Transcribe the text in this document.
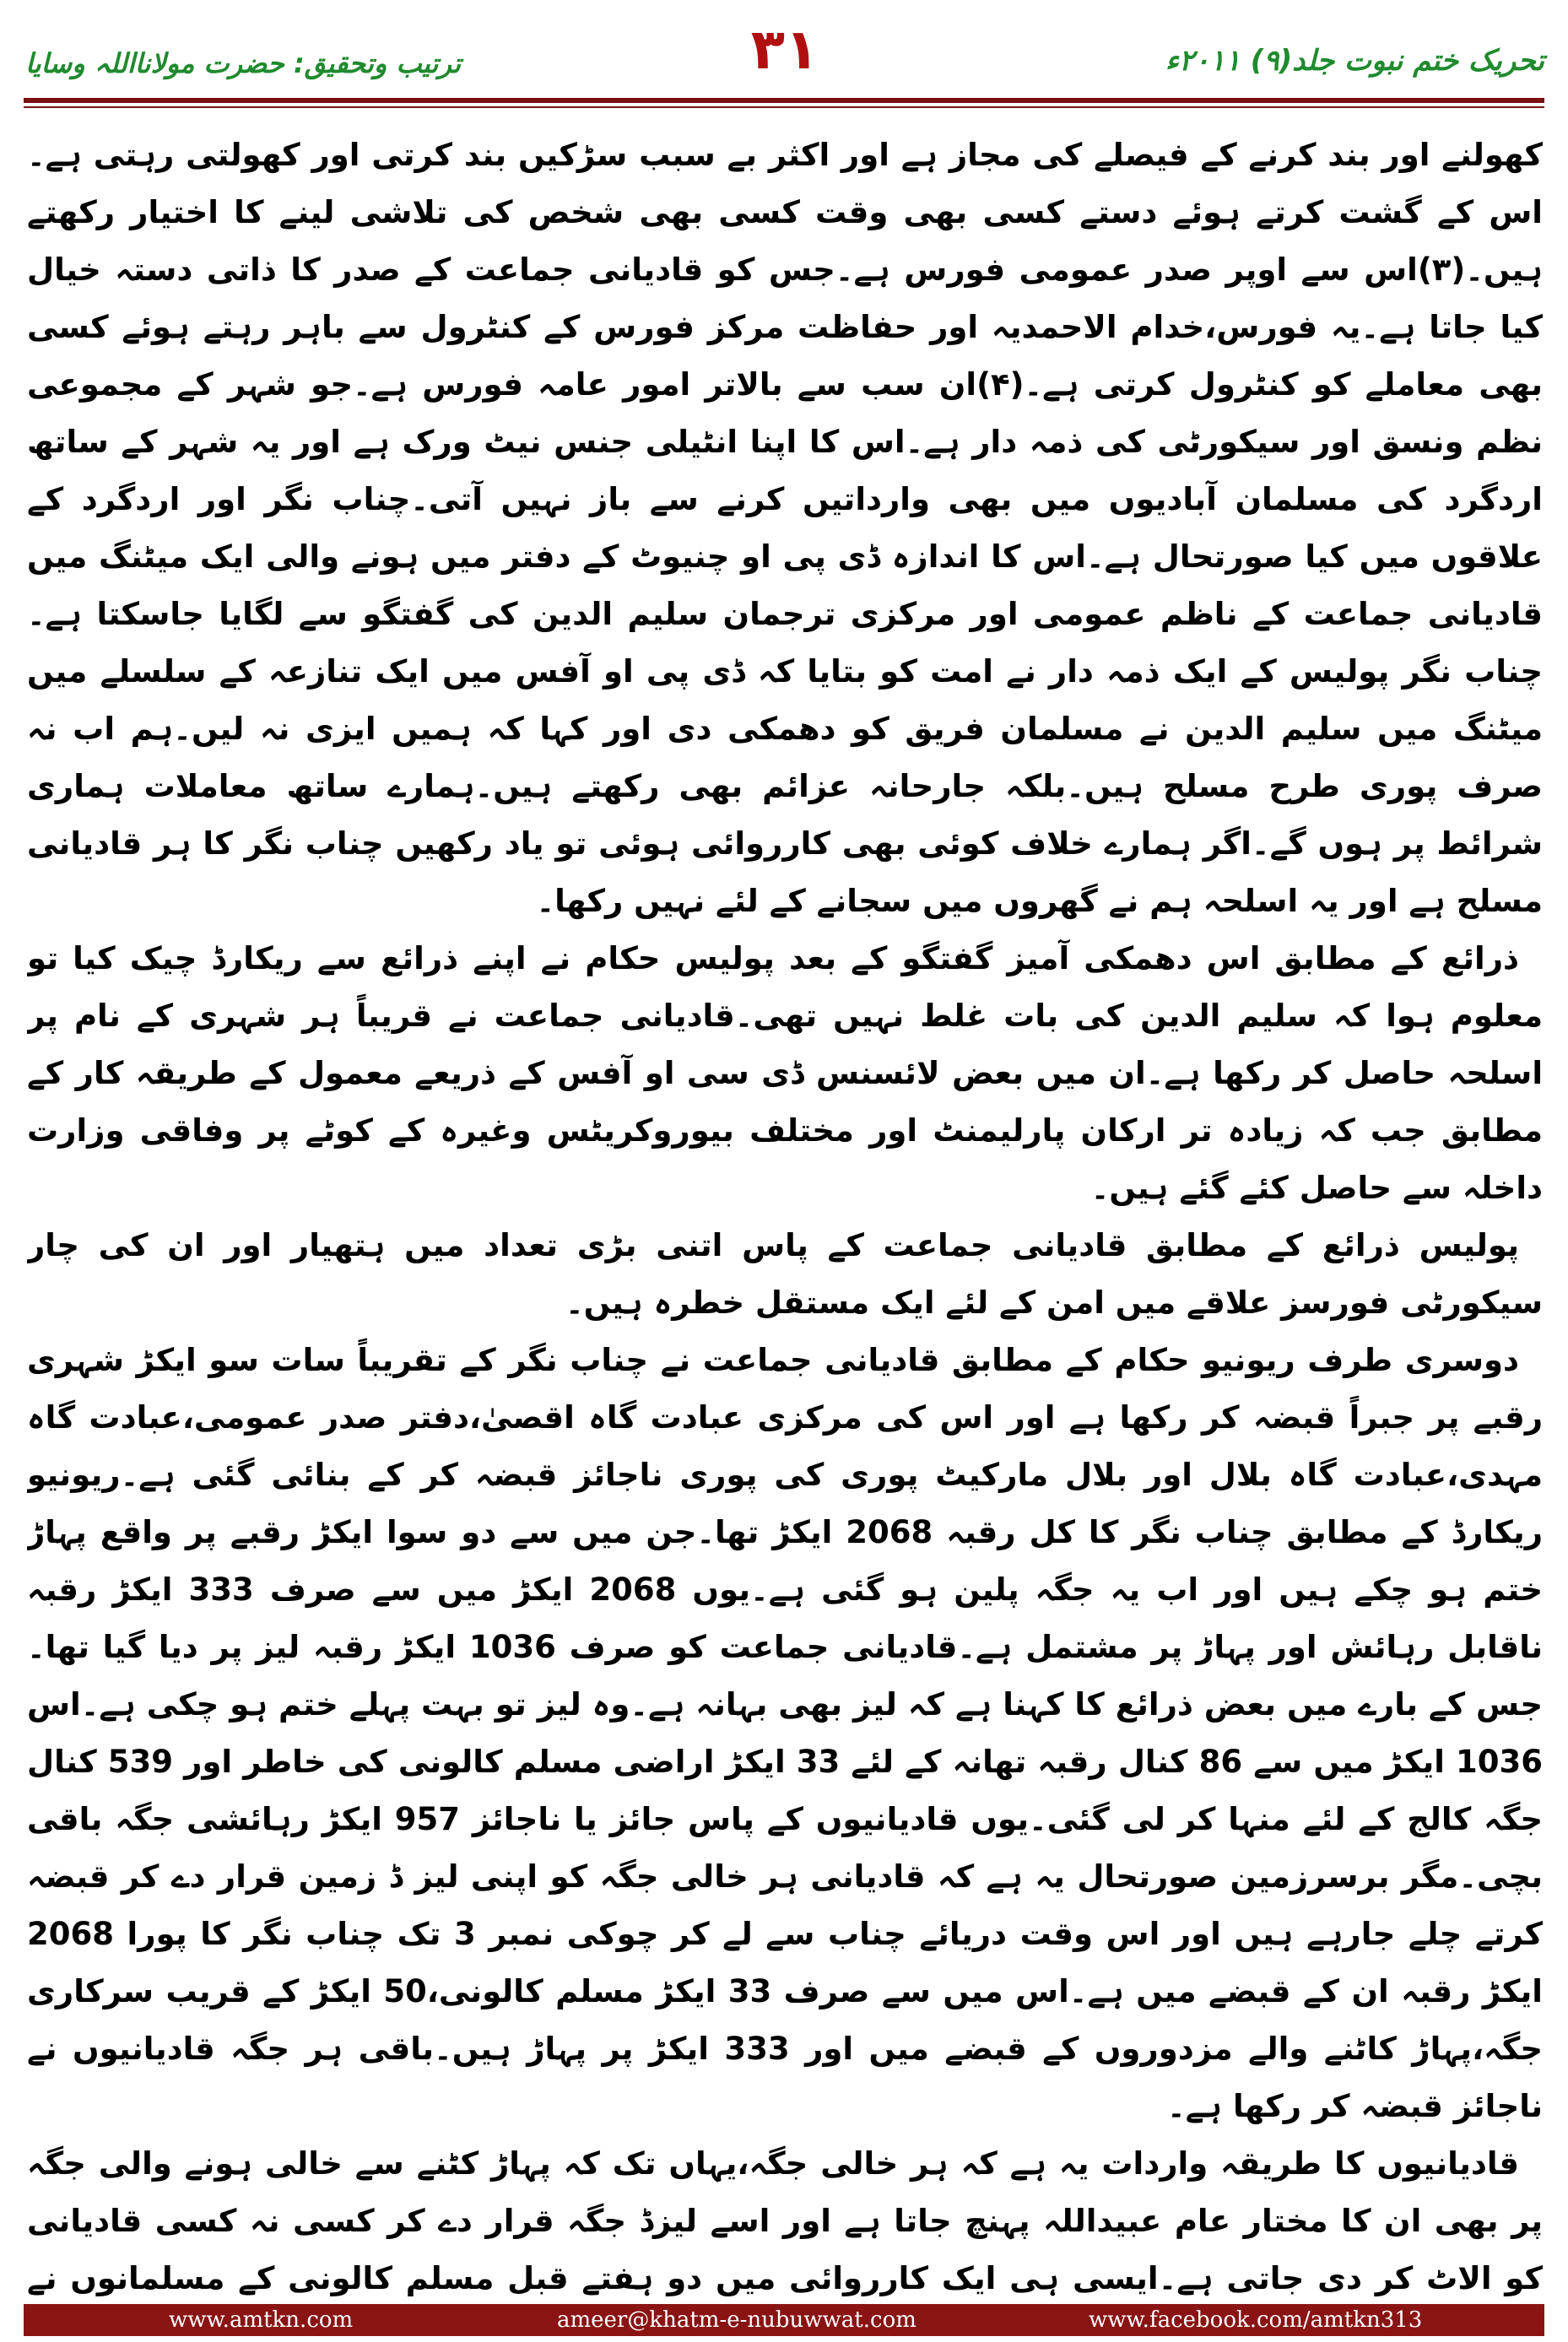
تحریک ختم نبوت جلد(۹) ۲۰۱۱ء
۳۱
ترتیب وتحقیق: حضرت مولانااللہ وسایا

کھولنے اور بند کرنے کے فیصلے کی مجاز ہے اور اکثر بے سبب سڑکیں بند کرتی اور کھولتی رہتی ہے۔اس کے گشت کرتے ہوئے دستے کسی بھی وقت کسی بھی شخص کی تلاشی لینے کا اختیار رکھتے ہیں۔(۳)اس سے اوپر صدر عمومی فورس ہے۔جس کو قادیانی جماعت کے صدر کا ذاتی دستہ خیال کیا جاتا ہے۔یہ فورس،خدام الاحمدیہ اور حفاظت مرکز فورس کے کنٹرول سے باہر رہتے ہوئے کسی بھی معاملے کو کنٹرول کرتی ہے۔(۴)ان سب سے بالاتر امور عامہ فورس ہے۔جو شہر کے مجموعی نظم ونسق اور سیکورٹی کی ذمہ دار ہے۔اس کا اپنا انٹیلی جنس نیٹ ورک ہے اور یہ شہر کے ساتھ اردگرد کی مسلمان آبادیوں میں بھی وارداتیں کرنے سے باز نہیں آتی۔چناب نگر اور اردگرد کے علاقوں میں کیا صورتحال ہے۔اس کا اندازہ ڈی پی او چنیوٹ کے دفتر میں ہونے والی ایک میٹنگ میں قادیانی جماعت کے ناظم عمومی اور مرکزی ترجمان سلیم الدین کی گفتگو سے لگایا جاسکتا ہے۔چناب نگر پولیس کے ایک ذمہ دار نے امت کو بتایا کہ ڈی پی او آفس میں ایک تنازعہ کے سلسلے میں میٹنگ میں سلیم الدین نے مسلمان فریق کو دھمکی دی اور کہا کہ ہمیں ایزی نہ لیں۔ہم اب نہ صرف پوری طرح مسلح ہیں۔بلکہ جارحانہ عزائم بھی رکھتے ہیں۔ہمارے ساتھ معاملات ہماری شرائط پر ہوں گے۔اگر ہمارے خلاف کوئی بھی کارروائی ہوئی تو یاد رکھیں چناب نگر کا ہر قادیانی مسلح ہے اور یہ اسلحہ ہم نے گھروں میں سجانے کے لئے نہیں رکھا۔

ذرائع کے مطابق اس دھمکی آمیز گفتگو کے بعد پولیس حکام نے اپنے ذرائع سے ریکارڈ چیک کیا تو معلوم ہوا کہ سلیم الدین کی بات غلط نہیں تھی۔قادیانی جماعت نے قریباً ہر شہری کے نام پر اسلحہ حاصل کر رکھا ہے۔ان میں بعض لائسنس ڈی سی او آفس کے ذریعے معمول کے طریقہ کار کے مطابق جب کہ زیادہ تر ارکان پارلیمنٹ اور مختلف بیوروکریٹس وغیرہ کے کوٹے پر وفاقی وزارت داخلہ سے حاصل کئے گئے ہیں۔

پولیس ذرائع کے مطابق قادیانی جماعت کے پاس اتنی بڑی تعداد میں ہتھیار اور ان کی چار سیکورٹی فورسز علاقے میں امن کے لئے ایک مستقل خطرہ ہیں۔

دوسری طرف ریونیو حکام کے مطابق قادیانی جماعت نے چناب نگر کے تقریباً سات سو ایکڑ شہری رقبے پر جبراً قبضہ کر رکھا ہے اور اس کی مرکزی عبادت گاہ اقصیٰ،دفتر صدر عمومی،عبادت گاہ مہدی،عبادت گاہ بلال اور بلال مارکیٹ پوری کی پوری ناجائز قبضہ کر کے بنائی گئی ہے۔ریونیو ریکارڈ کے مطابق چناب نگر کا کل رقبہ 2068 ایکڑ تھا۔جن میں سے دو سوا ایکڑ رقبے پر واقع پہاڑ ختم ہو چکے ہیں اور اب یہ جگہ پلین ہو گئی ہے۔یوں 2068 ایکڑ میں سے صرف 333 ایکڑ رقبہ ناقابل رہائش اور پہاڑ پر مشتمل ہے۔قادیانی جماعت کو صرف 1036 ایکڑ رقبہ لیز پر دیا گیا تھا۔جس کے بارے میں بعض ذرائع کا کہنا ہے کہ لیز بھی بہانہ ہے۔وہ لیز تو بہت پہلے ختم ہو چکی ہے۔اس 1036 ایکڑ میں سے 86 کنال رقبہ تھانہ کے لئے 33 ایکڑ اراضی مسلم کالونی کی خاطر اور 539 کنال جگہ کالج کے لئے منہا کر لی گئی۔یوں قادیانیوں کے پاس جائز یا ناجائز 957 ایکڑ رہائشی جگہ باقی بچی۔مگر برسرزمین صورتحال یہ ہے کہ قادیانی ہر خالی جگہ کو اپنی لیز ڈ زمین قرار دے کر قبضہ کرتے چلے جارہے ہیں اور اس وقت دریائے چناب سے لے کر چوکی نمبر 3 تک چناب نگر کا پورا 2068 ایکڑ رقبہ ان کے قبضے میں ہے۔اس میں سے صرف 33 ایکڑ مسلم کالونی،50 ایکڑ کے قریب سرکاری جگہ،پہاڑ کاٹنے والے مزدوروں کے قبضے میں اور 333 ایکڑ پر پہاڑ ہیں۔باقی ہر جگہ قادیانیوں نے ناجائز قبضہ کر رکھا ہے۔

قادیانیوں کا طریقہ واردات یہ ہے کہ ہر خالی جگہ،یہاں تک کہ پہاڑ کٹنے سے خالی ہونے والی جگہ پر بھی ان کا مختار عام عبیداللہ پہنچ جاتا ہے اور اسے لیزڈ جگہ قرار دے کر کسی نہ کسی قادیانی کو الاٹ کر دی جاتی ہے۔ایسی ہی ایک کارروائی میں دو ہفتے قبل مسلم کالونی کے مسلمانوں نے

www.amtkn.com	ameer@khatm-e-nubuwwat.com	www.facebook.com/amtkn313
